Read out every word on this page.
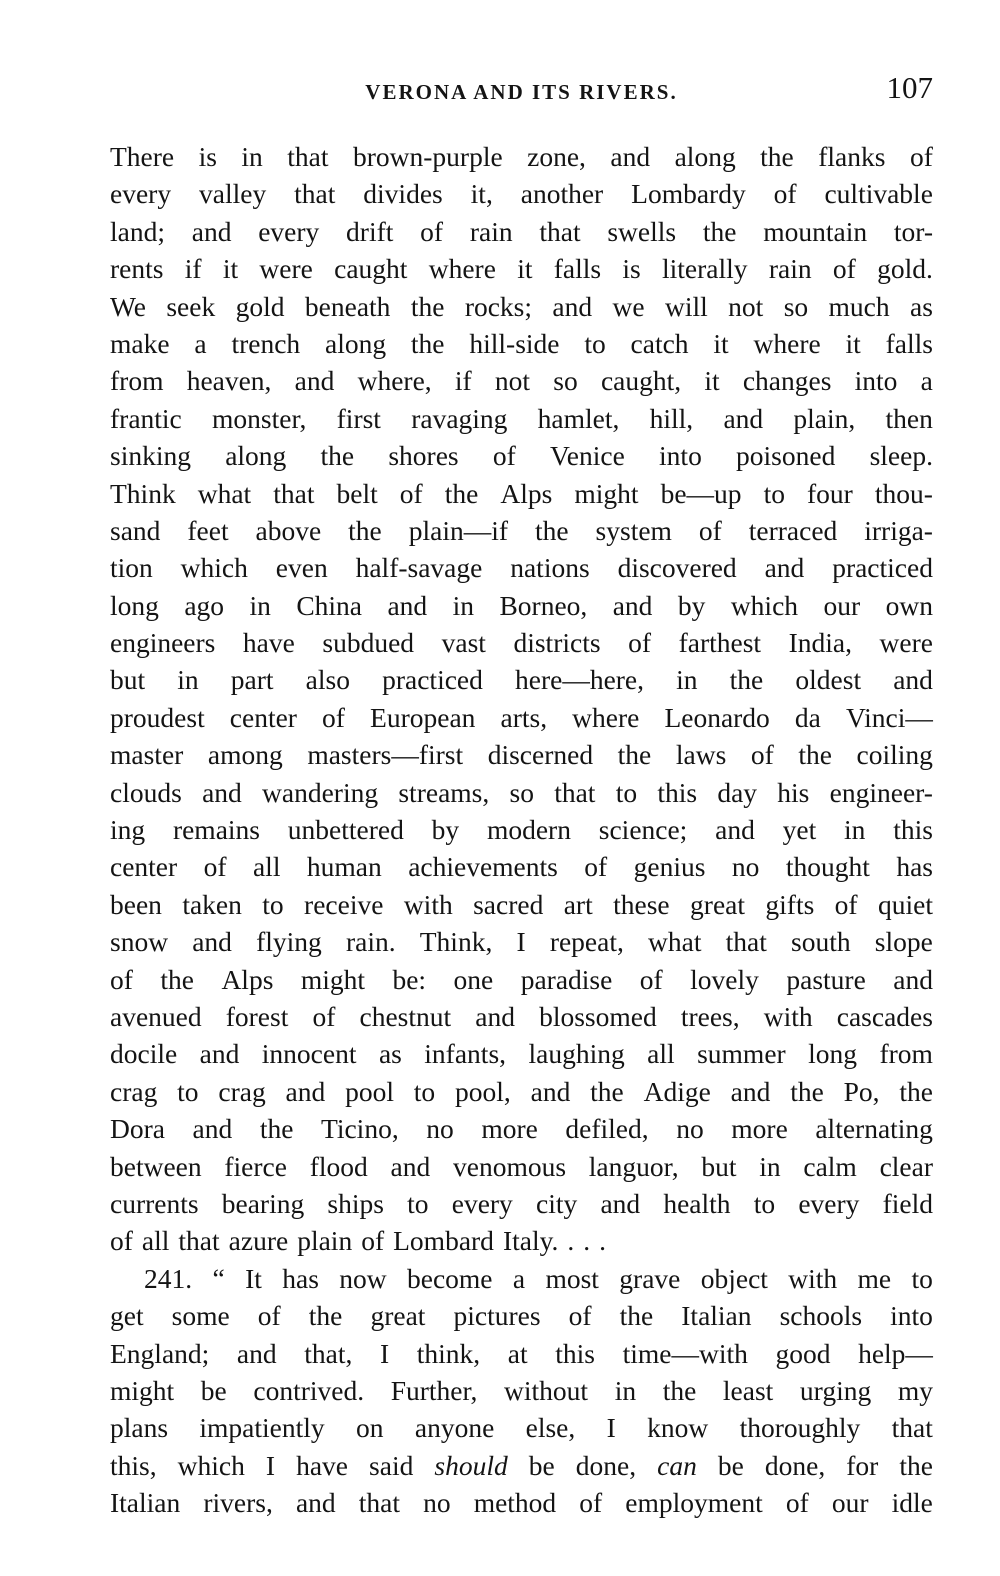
VERONA AND ITS RIVERS.	107
There is in that brown-purple zone, and along the flanks of
every valley that divides it, another Lombardy of cultivable
land; and every drift of rain that swells the mountain tor-
rents if it were caught where it falls is literally rain of gold.
We seek gold beneath the rocks; and we will not so much as
make a trench along the hill-side to catch it where it falls
from heaven, and where, if not so caught, it changes into a
frantic monster, first ravaging hamlet, hill, and plain, then
sinking along the shores of Venice into poisoned sleep.
Think what that belt of the Alps might be—up to four thou-
sand feet above the plain—if the system of terraced irriga-
tion which even half-savage nations discovered and practiced
long ago in China and in Borneo, and by which our own
engineers have subdued vast districts of farthest India, were
but in part also practiced here—here, in the oldest and
proudest center of European arts, where Leonardo da Vinci—
master among masters—first discerned the laws of the coiling
clouds and wandering streams, so that to this day his engineer-
ing remains unbettered by modern science; and yet in this
center of all human achievements of genius no thought has
been taken to receive with sacred art these great gifts of quiet
snow and flying rain. Think, I repeat, what that south slope
of the Alps might be: one paradise of lovely pasture and
avenued forest of chestnut and blossomed trees, with cascades
docile and innocent as infants, laughing all summer long from
crag to crag and pool to pool, and the Adige and the Po, the
Dora and the Ticino, no more defiled, no more alternating
between fierce flood and venomous languor, but in calm clear
currents bearing ships to every city and health to every field
of all that azure plain of Lombard Italy. . . .
241. “ It has now become a most grave object with me to
get some of the great pictures of the Italian schools into
England; and that, I think, at this time—with good help—
might be contrived. Further, without in the least urging my
plans impatiently on anyone else, I know thoroughly that
this, which I have said should be done, can be done, for the
Italian rivers, and that no method of employment of our idle
